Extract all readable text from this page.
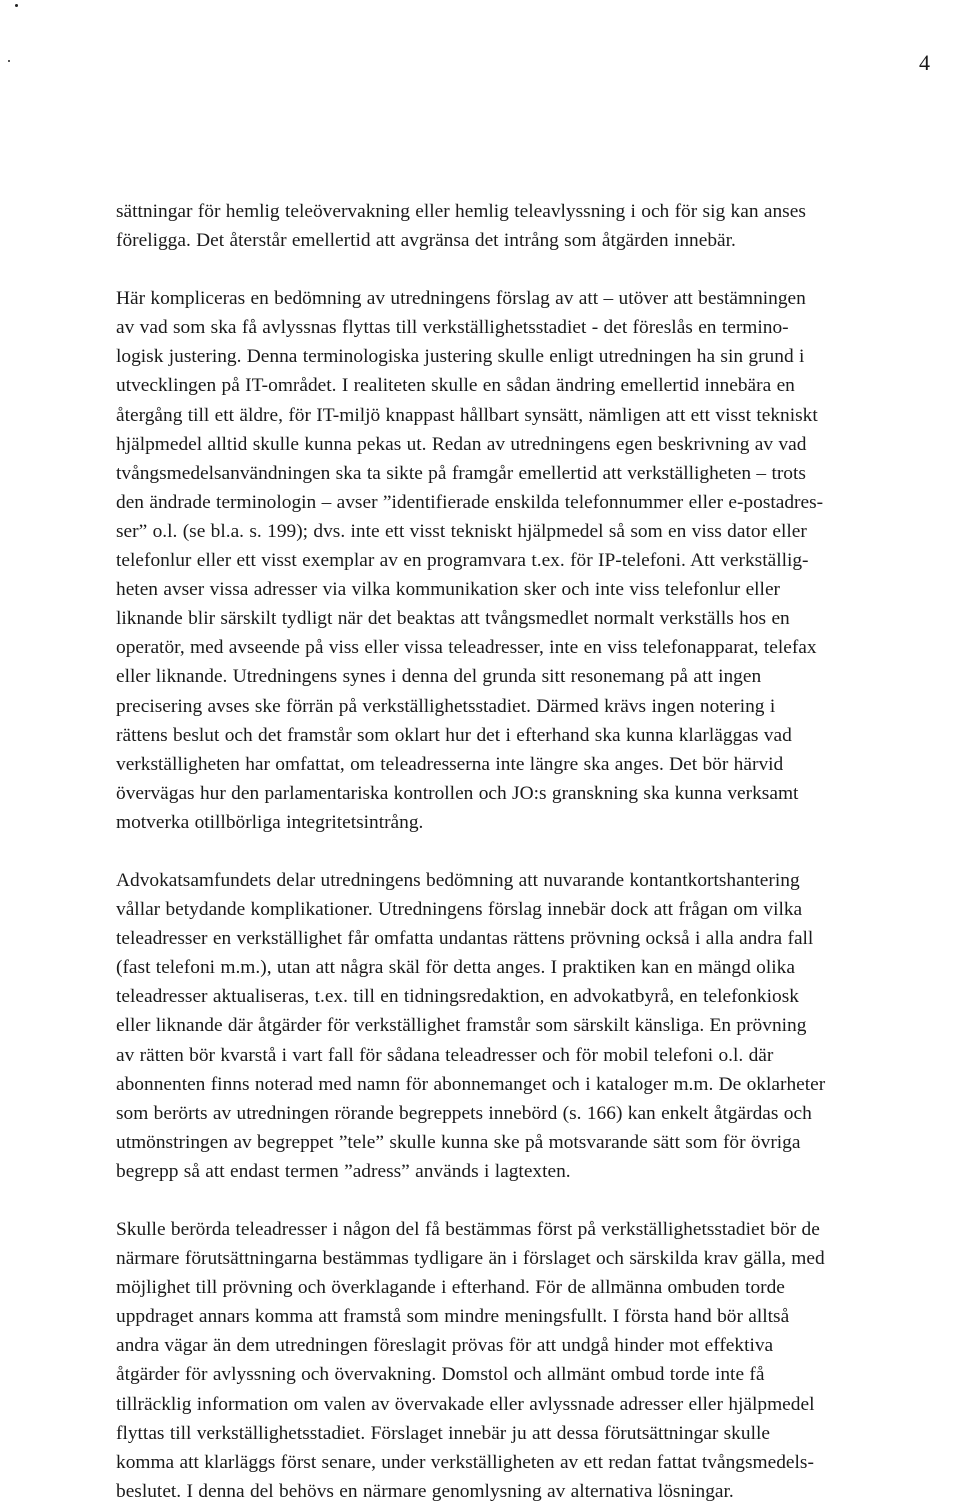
4

sättningar för hemlig teleövervakning eller hemlig teleavlyssning i och för sig kan anses
föreligga. Det återstår emellertid att avgränsa det intrång som åtgärden innebär.

Här kompliceras en bedömning av utredningens förslag av att – utöver att bestämningen
av vad som ska få avlyssnas flyttas till verkställighetsstadiet - det föreslås en termino-
logisk justering. Denna terminologiska justering skulle enligt utredningen ha sin grund i
utvecklingen på IT-området. I realiteten skulle en sådan ändring emellertid innebära en
återgång till ett äldre, för IT-miljö knappast hållbart synsätt, nämligen att ett visst tekniskt
hjälpmedel alltid skulle kunna pekas ut. Redan av utredningens egen beskrivning av vad
tvångsmedelsanvändningen ska ta sikte på framgår emellertid att verkställigheten – trots
den ändrade terminologin – avser ”identifierade enskilda telefonnummer eller e-postadres-
ser” o.l. (se bl.a. s. 199); dvs. inte ett visst tekniskt hjälpmedel så som en viss dator eller
telefonlur eller ett visst exemplar av en programvara t.ex. för IP-telefoni. Att verkställig-
heten avser vissa adresser via vilka kommunikation sker och inte viss telefonlur eller
liknande blir särskilt tydligt när det beaktas att tvångsmedlet normalt verkställs hos en
operatör, med avseende på viss eller vissa teleadresser, inte en viss telefonapparat, telefax
eller liknande. Utredningens synes i denna del grunda sitt resonemang på att ingen
precisering avses ske förrän på verkställighetsstadiet. Därmed krävs ingen notering i
rättens beslut och det framstår som oklart hur det i efterhand ska kunna klarläggas vad
verkställigheten har omfattat, om teleadresserna inte längre ska anges. Det bör härvid
övervägas hur den parlamentariska kontrollen och JO:s granskning ska kunna verksamt
motverka otillbörliga integritetsintrång.

Advokatsamfundets delar utredningens bedömning att nuvarande kontantkortshantering
vållar betydande komplikationer. Utredningens förslag innebär dock att frågan om vilka
teleadresser en verkställighet får omfatta undantas rättens prövning också i alla andra fall
(fast telefoni m.m.), utan att några skäl för detta anges. I praktiken kan en mängd olika
teleadresser aktualiseras, t.ex. till en tidningsredaktion, en advokatbyrå, en telefonkiosk
eller liknande där åtgärder för verkställighet framstår som särskilt känsliga. En prövning
av rätten bör kvarstå i vart fall för sådana teleadresser och för mobil telefoni o.l. där
abonnenten finns noterad med namn för abonnemanget och i kataloger m.m. De oklarheter
som berörts av utredningen rörande begreppets innebörd (s. 166) kan enkelt åtgärdas och
utmönstringen av begreppet ”tele” skulle kunna ske på motsvarande sätt som för övriga
begrepp så att endast termen ”adress” används i lagtexten.

Skulle berörda teleadresser i någon del få bestämmas först på verkställighetsstadiet bör de
närmare förutsättningarna bestämmas tydligare än i förslaget och särskilda krav gälla, med
möjlighet till prövning och överklagande i efterhand. För de allmänna ombuden torde
uppdraget annars komma att framstå som mindre meningsfullt. I första hand bör alltså
andra vägar än dem utredningen föreslagit prövas för att undgå hinder mot effektiva
åtgärder för avlyssning och övervakning. Domstol och allmänt ombud torde inte få
tillräcklig information om valen av övervakade eller avlyssnade adresser eller hjälpmedel
flyttas till verkställighetsstadiet. Förslaget innebär ju att dessa förutsättningar skulle
komma att klarläggs först senare, under verkställigheten av ett redan fattat tvångsmedels-
beslutet. I denna del behövs en närmare genomlysning av alternativa lösningar.
